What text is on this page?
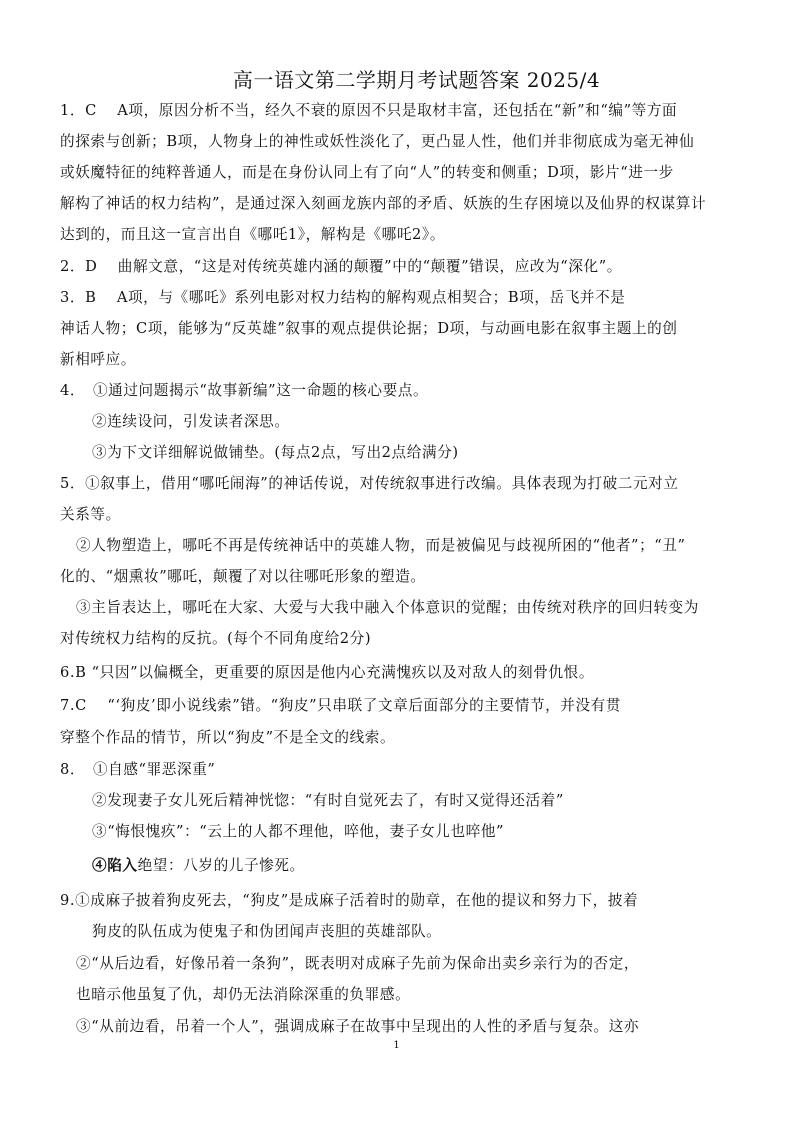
高一语文第二学期月考试题答案 2025/4
1．C　 A项，原因分析不当，经久不衰的原因不只是取材丰富，还包括在“新”和“编”等方面
的探索与创新；B项，人物身上的神性或妖性淡化了，更凸显人性，他们并非彻底成为毫无神仙
或妖魔特征的纯粹普通人，而是在身份认同上有了向“人”的转变和侧重；D项，影片“进一步
解构了神话的权力结构”，是通过深入刻画龙族内部的矛盾、妖族的生存困境以及仙界的权谋算计
达到的，而且这一宣言出自《哪吒1》，解构是《哪吒2》。
2．D　 曲解文意，“这是对传统英雄内涵的颠覆”中的“颠覆”错误，应改为“深化”。
3．B　 A项，与《哪吒》系列电影对权力结构的解构观点相契合；B项，岳飞并不是
神话人物；C项，能够为“反英雄”叙事的观点提供论据；D项，与动画电影在叙事主题上的创
新相呼应。
4．　①通过问题揭示“故事新编”这一命题的核心要点。
②连续设问，引发读者深思。
③为下文详细解说做铺垫。(每点2点，写出2点给满分)
5．①叙事上，借用“哪吒闹海”的神话传说，对传统叙事进行改编。具体表现为打破二元对立
关系等。
②人物塑造上，哪吒不再是传统神话中的英雄人物，而是被偏见与歧视所困的“他者”；“丑”
化的、“烟熏妆”哪吒，颠覆了对以往哪吒形象的塑造。
③主旨表达上，哪吒在大家、大爱与大我中融入个体意识的觉醒；由传统对秩序的回归转变为
对传统权力结构的反抗。(每个不同角度给2分)
6.B “只因”以偏概全，更重要的原因是他内心充满愧疚以及对敌人的刻骨仇恨。
7.C　 “‘狗皮’即小说线索”错。“狗皮”只串联了文章后面部分的主要情节，并没有贯
穿整个作品的情节，所以“狗皮”不是全文的线索。
8．　①自感“罪恶深重”
②发现妻子女儿死后精神恍惚：“有时自觉死去了，有时又觉得还活着”
③“悔恨愧疚”：“云上的人都不理他，啐他，妻子女儿也啐他”
④陷入绝望：八岁的儿子惨死。
9.①成麻子披着狗皮死去，“狗皮”是成麻子活着时的勋章，在他的提议和努力下，披着
狗皮的队伍成为使鬼子和伪团闻声丧胆的英雄部队。
②“从后边看，好像吊着一条狗”，既表明对成麻子先前为保命出卖乡亲行为的否定，
也暗示他虽复了仇，却仍无法消除深重的负罪感。
③“从前边看，吊着一个人”，强调成麻子在故事中呈现出的人性的矛盾与复杂。这亦
1
